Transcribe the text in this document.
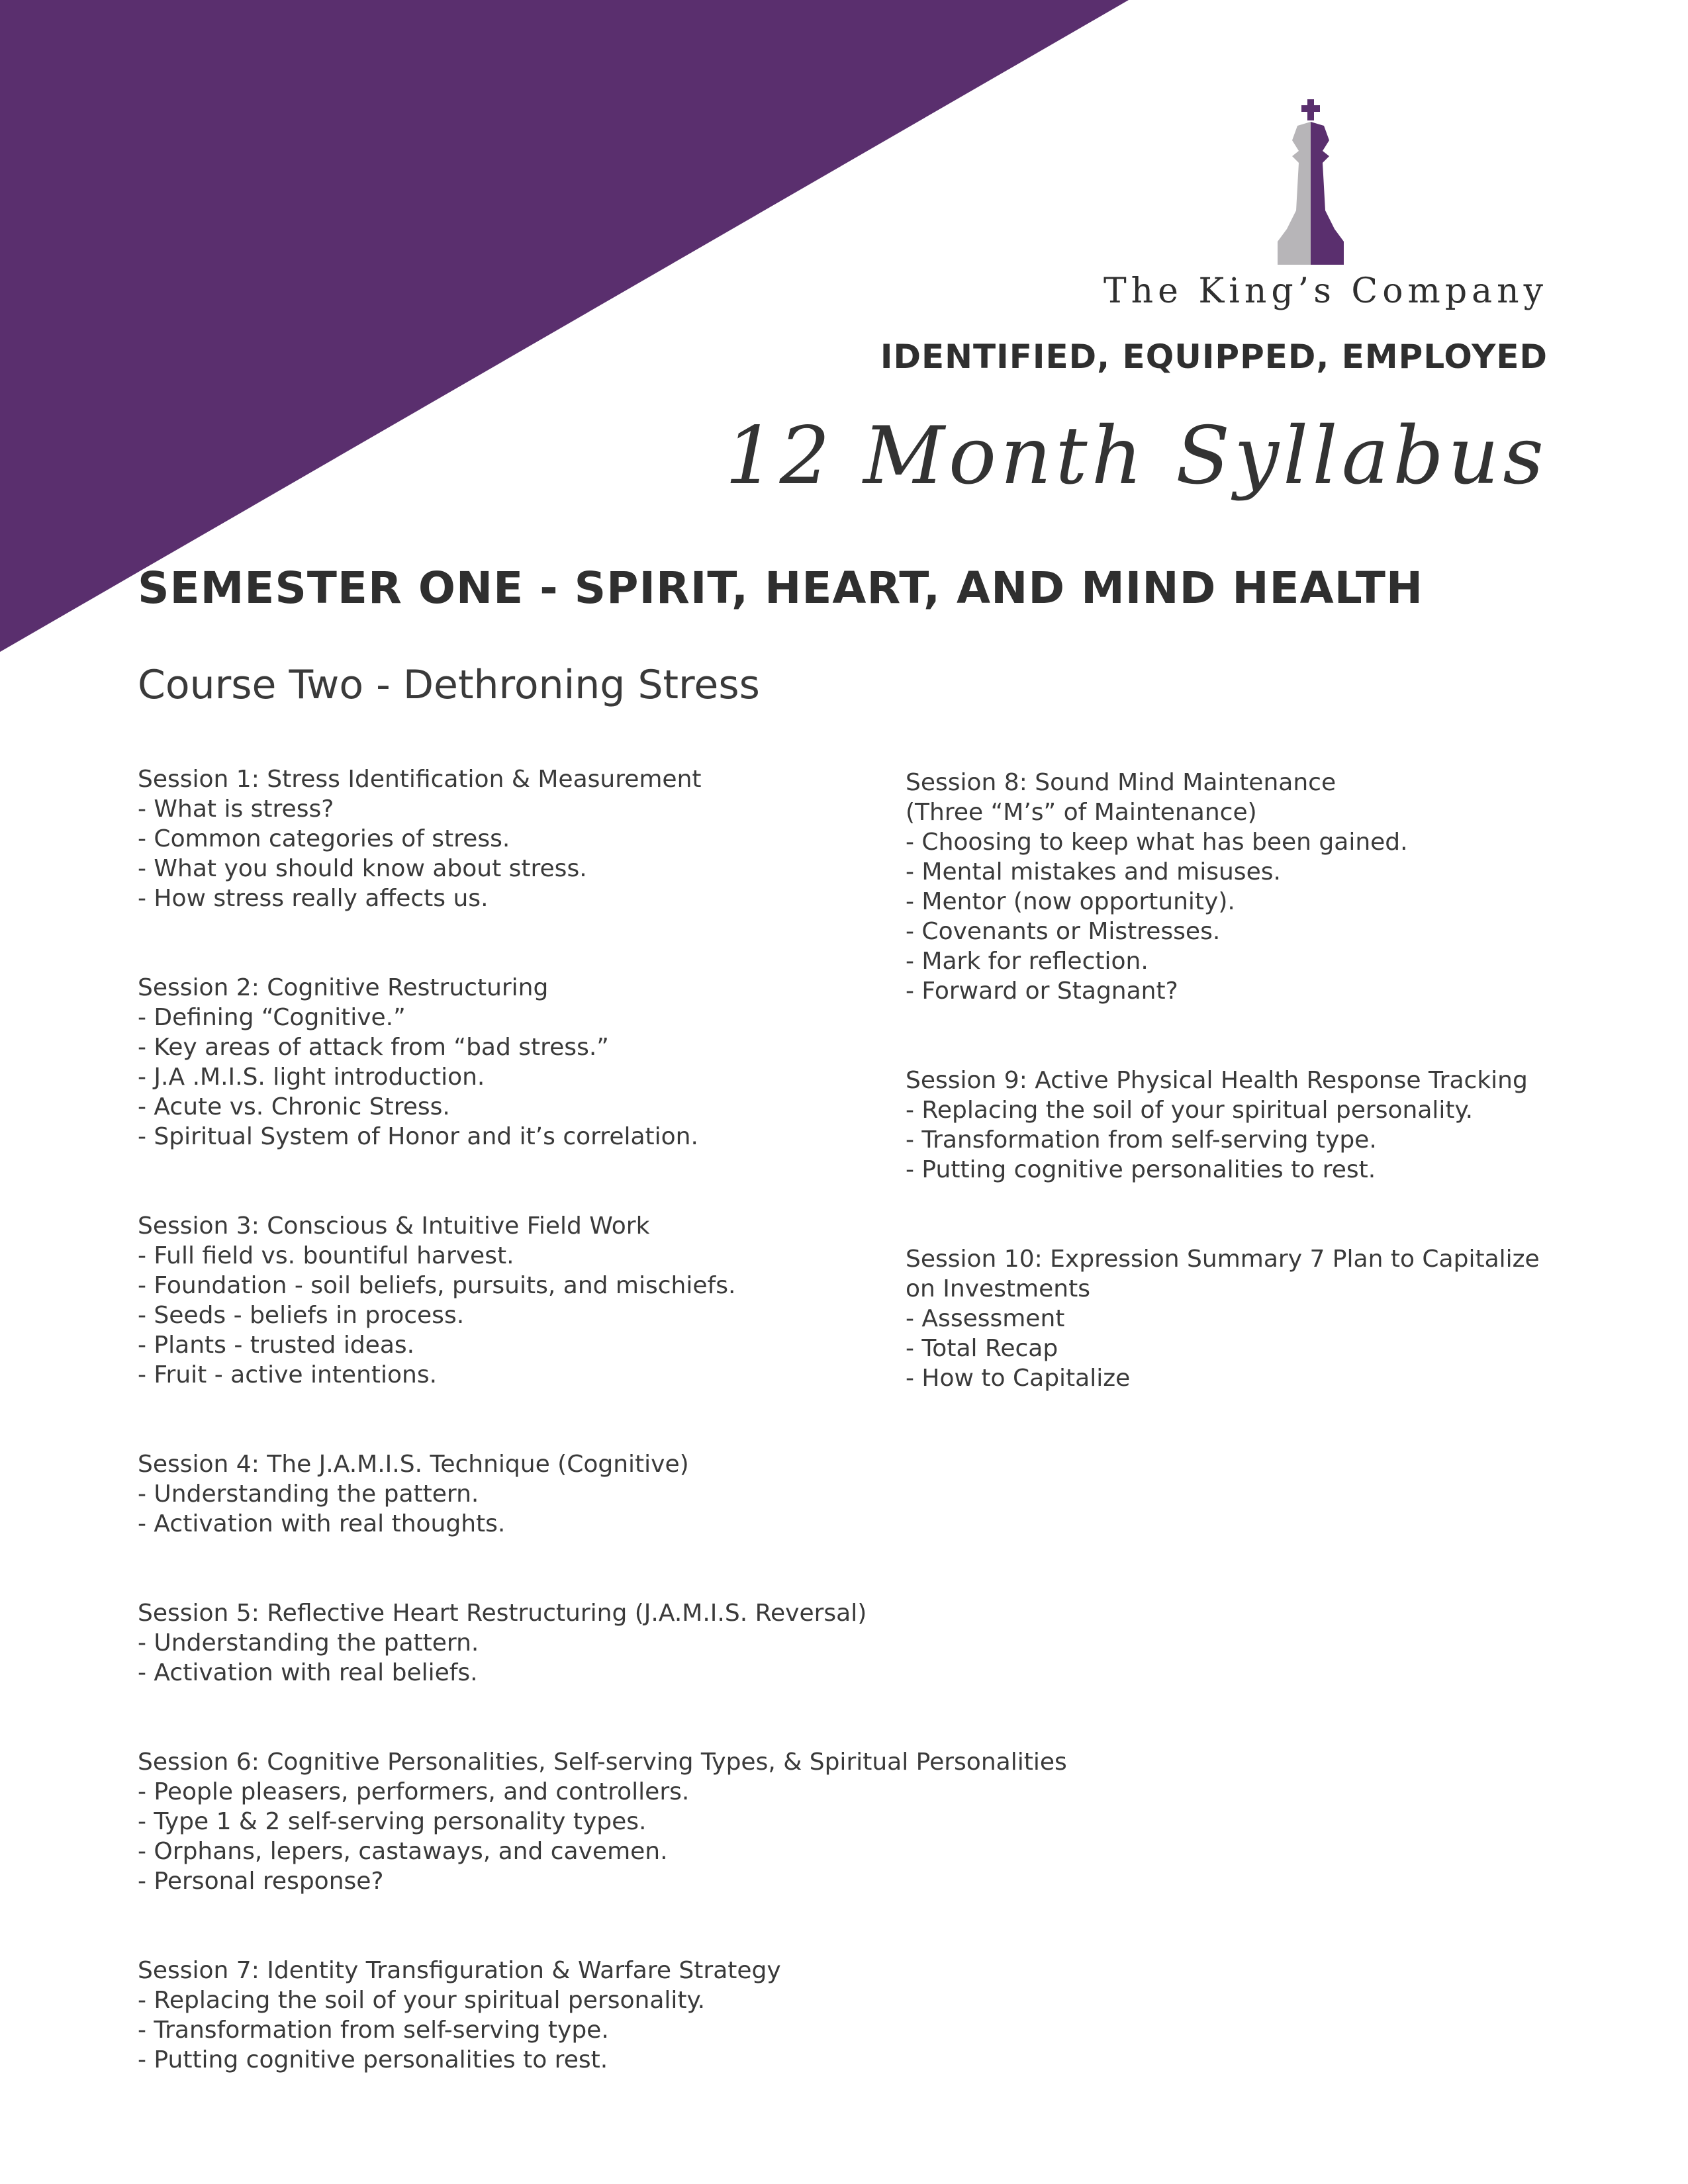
The King’s Company
IDENTIFIED, EQUIPPED, EMPLOYED
12 Month Syllabus
SEMESTER ONE - SPIRIT, HEART, AND MIND HEALTH
Course Two - Dethroning Stress
Session 1: Stress Identification & Measurement
- What is stress?
- Common categories of stress.
- What you should know about stress.
- How stress really affects us.
Session 2: Cognitive Restructuring
- Defining “Cognitive.”
- Key areas of attack from “bad stress.”
- J.A .M.I.S. light introduction.
- Acute vs. Chronic Stress.
- Spiritual System of Honor and it’s correlation.
Session 3: Conscious & Intuitive Field Work
- Full field vs. bountiful harvest.
- Foundation - soil beliefs, pursuits, and mischiefs.
- Seeds - beliefs in process.
- Plants - trusted ideas.
- Fruit - active intentions.
Session 4: The J.A.M.I.S. Technique (Cognitive)
- Understanding the pattern.
- Activation with real thoughts.
Session 5: Reflective Heart Restructuring (J.A.M.I.S. Reversal)
- Understanding the pattern.
- Activation with real beliefs.
Session 6: Cognitive Personalities, Self-serving Types, & Spiritual Personalities
- People pleasers, performers, and controllers.
- Type 1 & 2 self-serving personality types.
- Orphans, lepers, castaways, and cavemen.
- Personal response?
Session 7: Identity Transfiguration & Warfare Strategy
- Replacing the soil of your spiritual personality.
- Transformation from self-serving type.
- Putting cognitive personalities to rest.
Session 8: Sound Mind Maintenance
(Three “M’s” of Maintenance)
- Choosing to keep what has been gained.
- Mental mistakes and misuses.
- Mentor (now opportunity).
- Covenants or Mistresses.
- Mark for reflection.
- Forward or Stagnant?
Session 9: Active Physical Health Response Tracking
- Replacing the soil of your spiritual personality.
- Transformation from self-serving type.
- Putting cognitive personalities to rest.
Session 10: Expression Summary 7 Plan to Capitalize
on Investments
- Assessment
- Total Recap
- How to Capitalize
